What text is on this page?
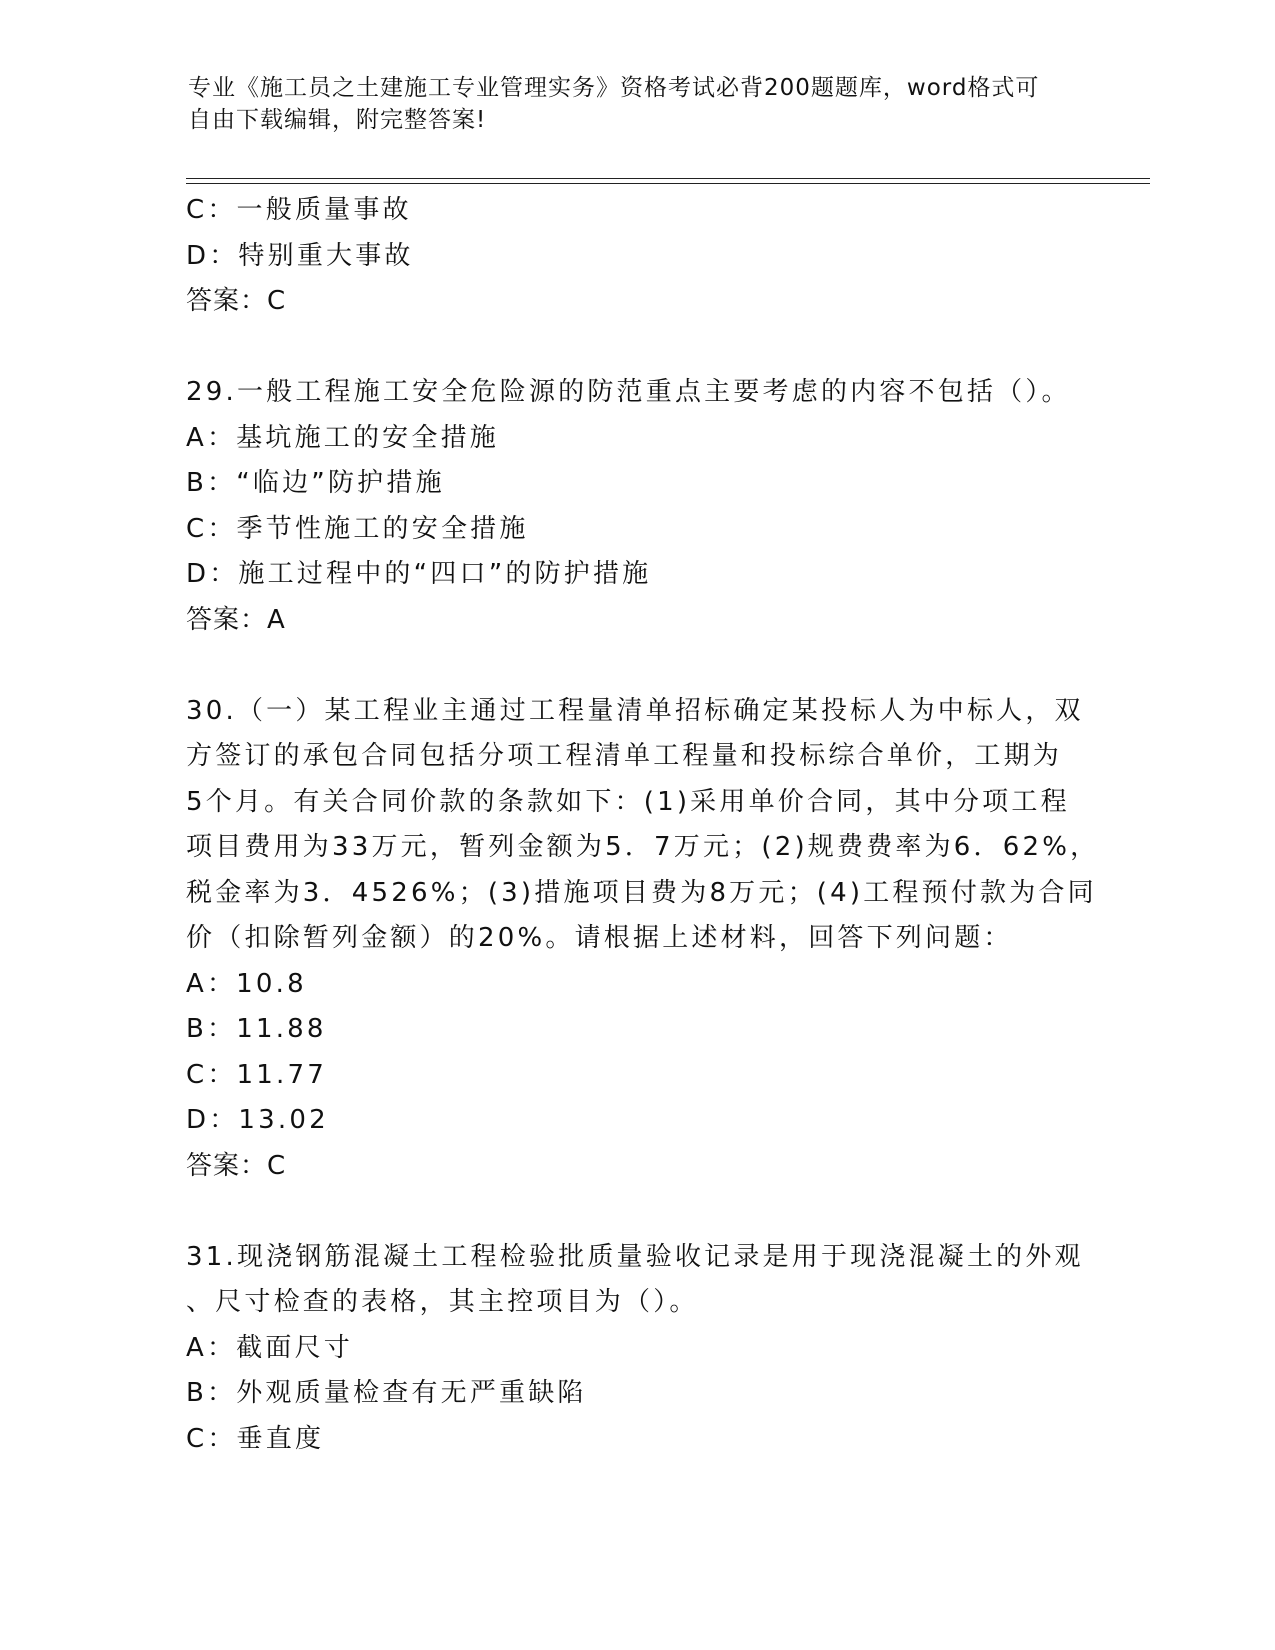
专业《施工员之土建施工专业管理实务》资格考试必背200题题库，word格式可
自由下载编辑，附完整答案!
C：一般质量事故
D：特别重大事故
答案：C
29.一般工程施工安全危险源的防范重点主要考虑的内容不包括（）。
A：基坑施工的安全措施
B：“临边”防护措施
C：季节性施工的安全措施
D：施工过程中的“四口”的防护措施
答案：A
30.（一）某工程业主通过工程量清单招标确定某投标人为中标人，双
方签订的承包合同包括分项工程清单工程量和投标综合单价，工期为
5个月。有关合同价款的条款如下：(1)采用单价合同，其中分项工程
项目费用为33万元，暂列金额为5．7万元；(2)规费费率为6．62%，
税金率为3．4526%；(3)措施项目费为8万元；(4)工程预付款为合同
价（扣除暂列金额）的20%。请根据上述材料，回答下列问题：
A：10.8
B：11.88
C：11.77
D：13.02
答案：C
31.现浇钢筋混凝土工程检验批质量验收记录是用于现浇混凝土的外观
、尺寸检查的表格，其主控项目为（）。
A：截面尺寸
B：外观质量检查有无严重缺陷
C：垂直度
